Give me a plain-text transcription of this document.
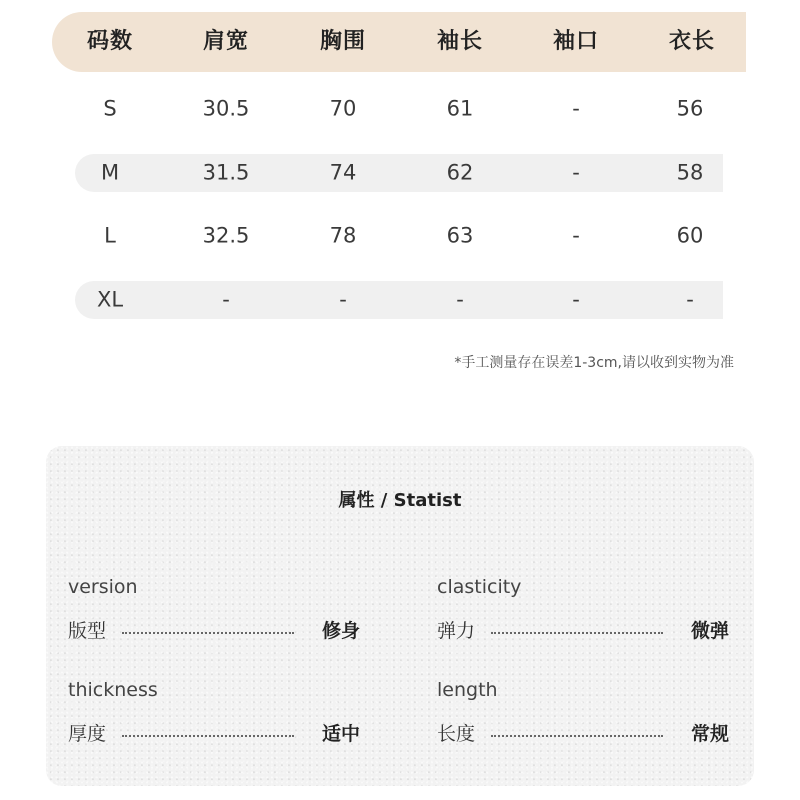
码数	肩宽	胸围	袖长	袖口	衣长
S	30.5	70	61	-	56
M	31.5	74	62	-	58
L	32.5	78	63	-	60
XL	-	-	-	-	-
*手工测量存在误差1-3cm,请以收到实物为准
属性 / Statist
version
版型	修身
clasticity
弹力	微弹
thickness
厚度	适中
length
长度	常规
